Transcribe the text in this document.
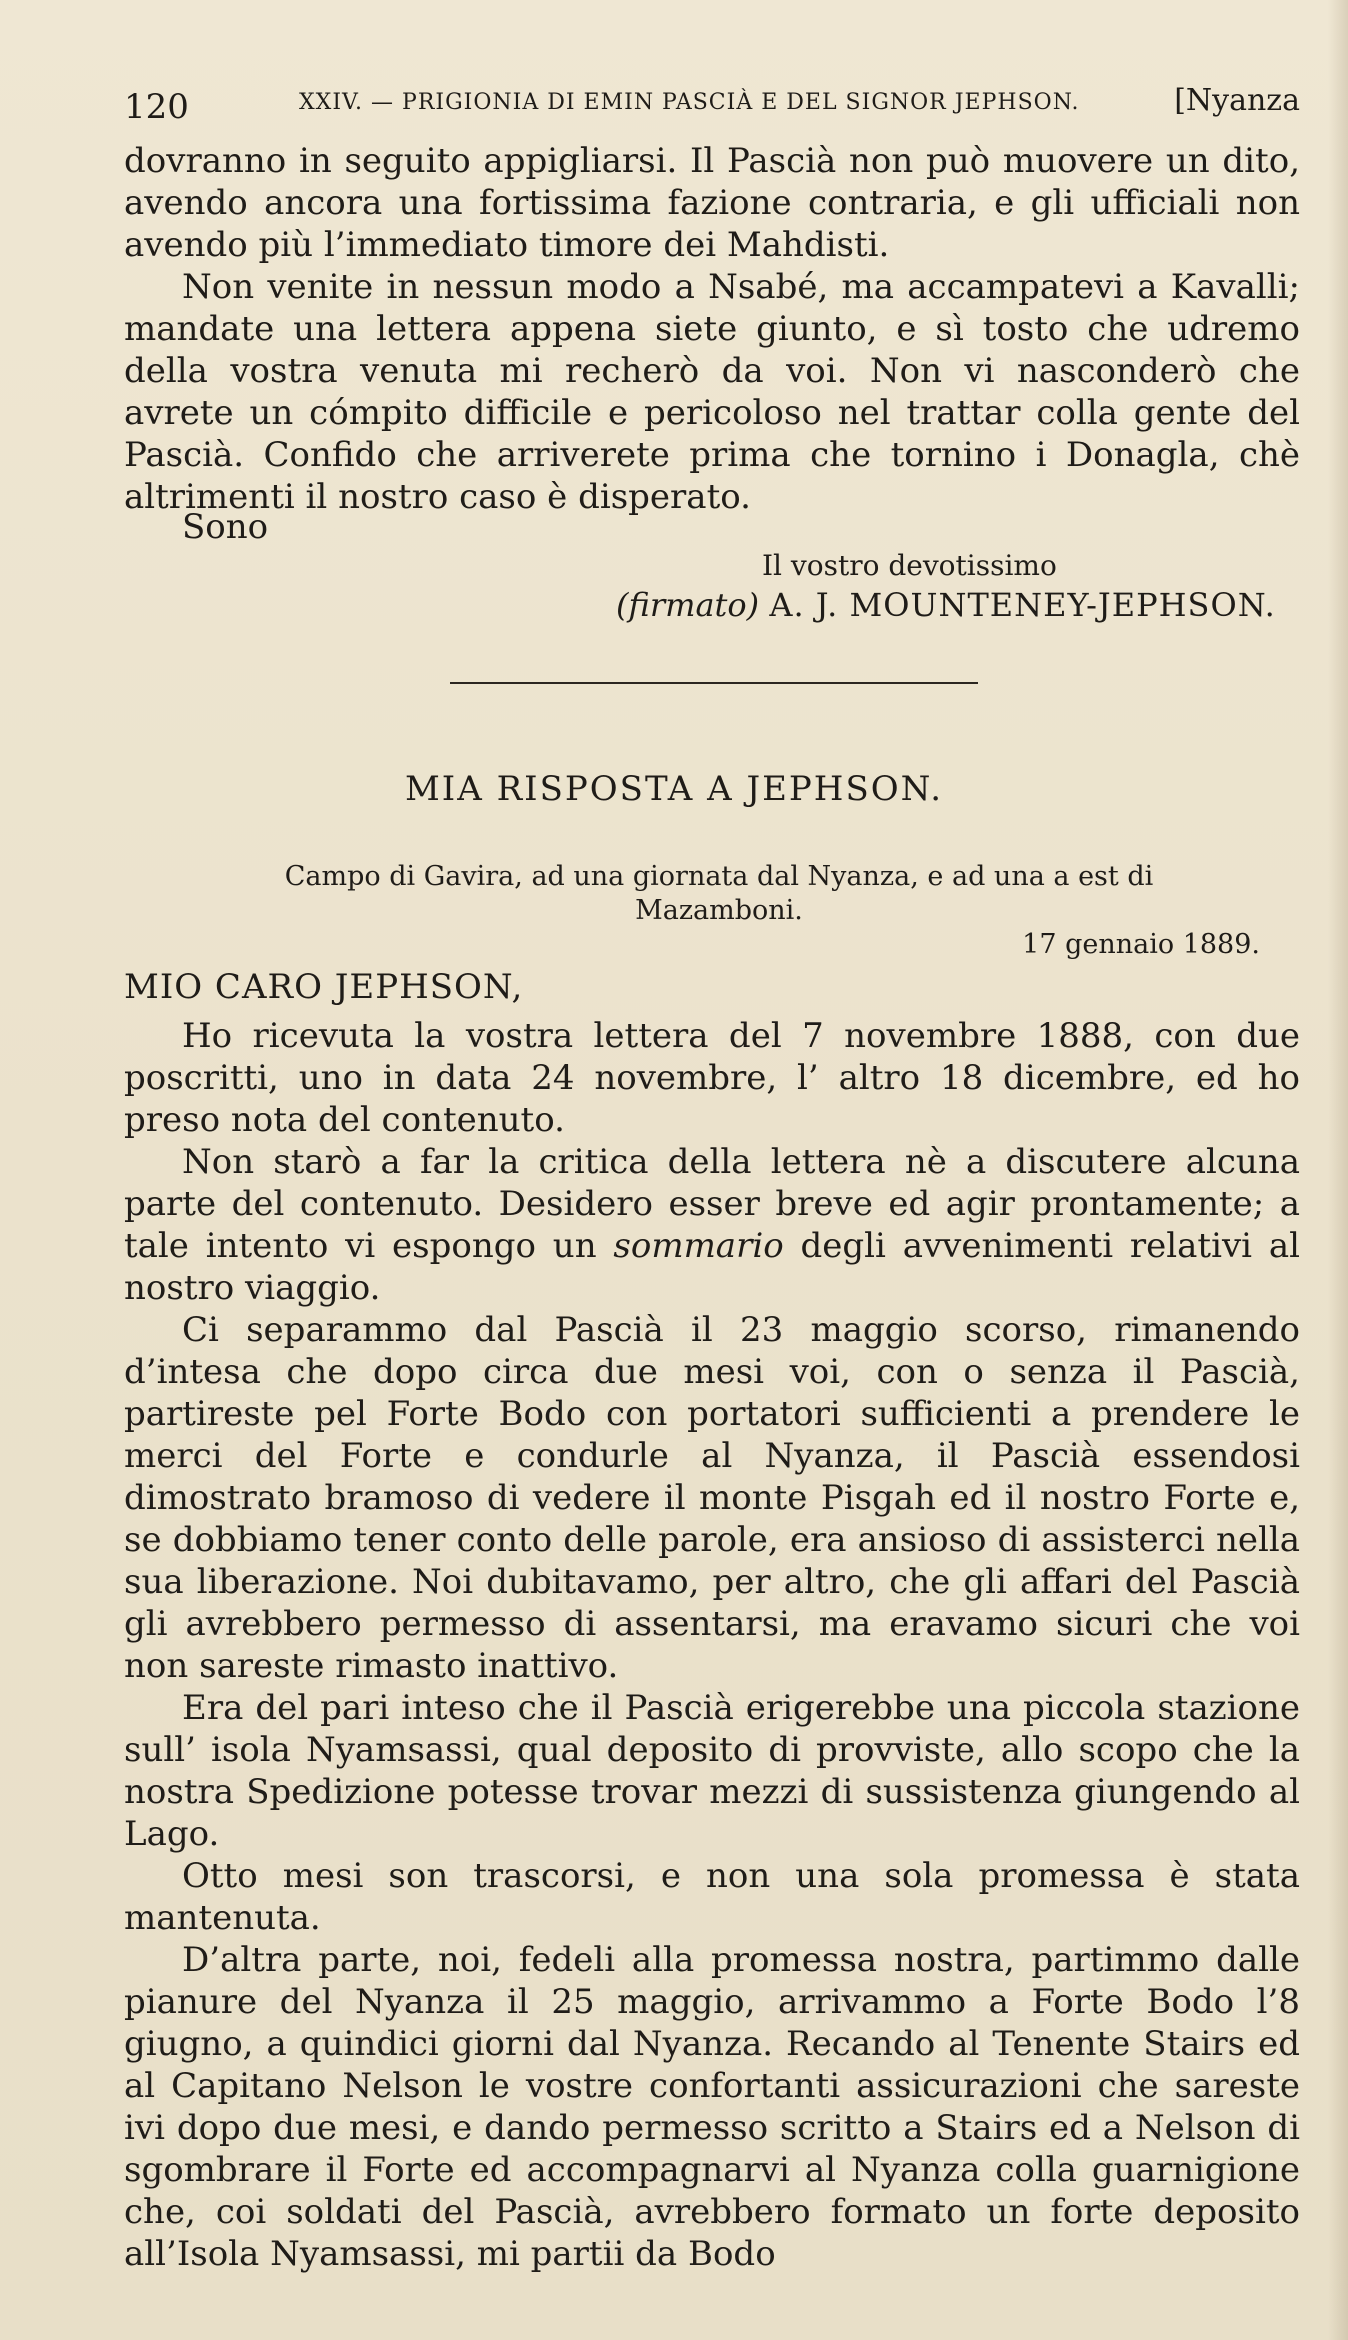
120	XXIV. — PRIGIONIA DI EMIN PASCIÀ E DEL SIGNOR JEPHSON.	[Nyanza

dovranno in seguito appigliarsi. Il Pascià non può muovere un dito, avendo ancora una fortissima fazione contraria, e gli ufficiali non avendo più l’immediato timore dei Mahdisti.

Non venite in nessun modo a Nsabé, ma accampatevi a Kavalli; mandate una lettera appena siete giunto, e sì tosto che udremo della vostra venuta mi recherò da voi. Non vi nasconderò che avrete un cómpito difficile e pericoloso nel trattar colla gente del Pascià. Confido che arriverete prima che tornino i Donagla, chè altrimenti il nostro caso è disperato.

Sono
Il vostro devotissimo
(firmato) A. J. MOUNTENEY-JEPHSON.
MIA RISPOSTA A JEPHSON.
Campo di Gavira, ad una giornata dal Nyanza, e ad una a est di Mazamboni.
17 gennaio 1889.
MIO CARO JEPHSON,

Ho ricevuta la vostra lettera del 7 novembre 1888, con due poscritti, uno in data 24 novembre, l’ altro 18 dicembre, ed ho preso nota del contenuto.

Non starò a far la critica della lettera nè a discutere alcuna parte del contenuto. Desidero esser breve ed agir prontamente; a tale intento vi espongo un sommario degli avvenimenti relativi al nostro viaggio.

Ci separammo dal Pascià il 23 maggio scorso, rimanendo d’intesa che dopo circa due mesi voi, con o senza il Pascià, partireste pel Forte Bodo con portatori sufficienti a prendere le merci del Forte e condurle al Nyanza, il Pascià essendosi dimostrato bramoso di vedere il monte Pisgah ed il nostro Forte e, se dobbiamo tener conto delle parole, era ansioso di assisterci nella sua liberazione. Noi dubitavamo, per altro, che gli affari del Pascià gli avrebbero permesso di assentarsi, ma eravamo sicuri che voi non sareste rimasto inattivo.

Era del pari inteso che il Pascià erigerebbe una piccola stazione sull’ isola Nyamsassi, qual deposito di provviste, allo scopo che la nostra Spedizione potesse trovar mezzi di sussistenza giungendo al Lago.

Otto mesi son trascorsi, e non una sola promessa è stata mantenuta.

D’altra parte, noi, fedeli alla promessa nostra, partimmo dalle pianure del Nyanza il 25 maggio, arrivammo a Forte Bodo l’8 giugno, a quindici giorni dal Nyanza. Recando al Tenente Stairs ed al Capitano Nelson le vostre confortanti assicurazioni che sareste ivi dopo due mesi, e dando permesso scritto a Stairs ed a Nelson di sgombrare il Forte ed accompagnarvi al Nyanza colla guarnigione che, coi soldati del Pascià, avrebbero formato un forte deposito all’Isola Nyamsassi, mi partii da Bodo
